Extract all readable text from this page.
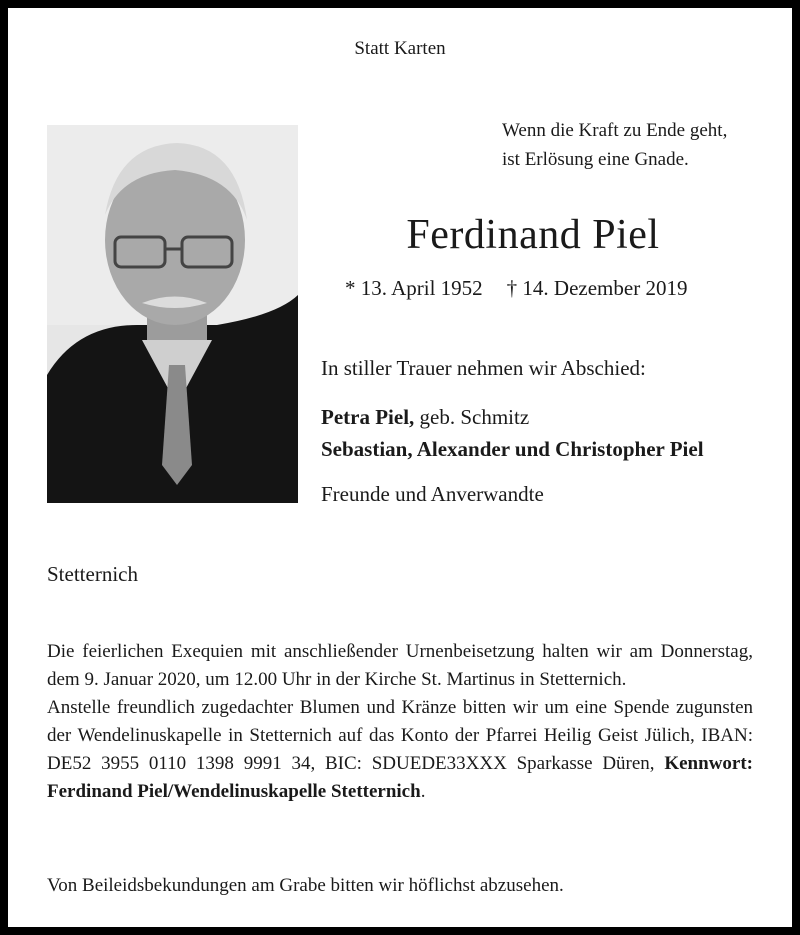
Statt Karten
Wenn die Kraft zu Ende geht,
ist Erlösung eine Gnade.
Ferdinand Piel
* 13. April 1952 † 14. Dezember 2019
In stiller Trauer nehmen wir Abschied:
Petra Piel, geb. Schmitz
Sebastian, Alexander und Christopher Piel
Freunde und Anverwandte
Stetternich

Die feierlichen Exequien mit anschließender Urnenbeisetzung halten wir am Donnerstag, dem 9. Januar 2020, um 12.00 Uhr in der Kirche St. Martinus in Stetternich.

Anstelle freundlich zugedachter Blumen und Kränze bitten wir um eine Spende zugunsten der Wendelinuskapelle in Stetternich auf das Konto der Pfarrei Heilig Geist Jülich, IBAN: DE52 3955 0110 1398 9991 34, BIC: SDUEDE33XXX Sparkasse Düren, Kennwort: Ferdinand Piel/Wendelinuskapelle Stetternich.

Von Beileidsbekundungen am Grabe bitten wir höflichst abzusehen.
